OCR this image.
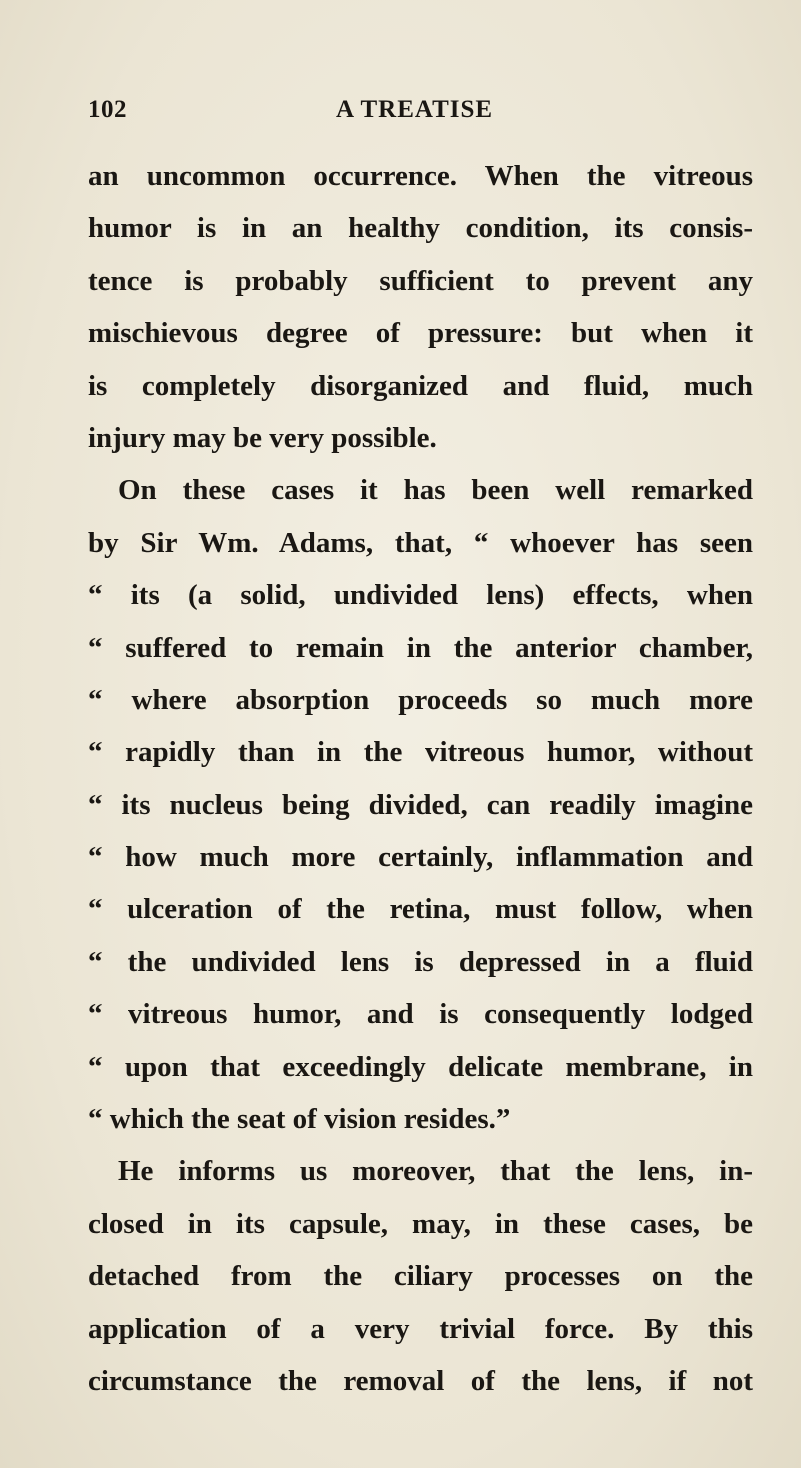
102	A TREATISE
an uncommon occurrence. When the vitreous
humor is in an healthy condition, its consis-
tence is probably sufficient to prevent any
mischievous degree of pressure: but when it
is completely disorganized and fluid, much
injury may be very possible.
On these cases it has been well remarked
by Sir Wm. Adams, that, “ whoever has seen
“ its (a solid, undivided lens) effects, when
“ suffered to remain in the anterior chamber,
“ where absorption proceeds so much more
“ rapidly than in the vitreous humor, without
“ its nucleus being divided, can readily imagine
“ how much more certainly, inflammation and
“ ulceration of the retina, must follow, when
“ the undivided lens is depressed in a fluid
“ vitreous humor, and is consequently lodged
“ upon that exceedingly delicate membrane, in
“ which the seat of vision resides.”
He informs us moreover, that the lens, in-
closed in its capsule, may, in these cases, be
detached from the ciliary processes on the
application of a very trivial force. By this
circumstance the removal of the lens, if not
